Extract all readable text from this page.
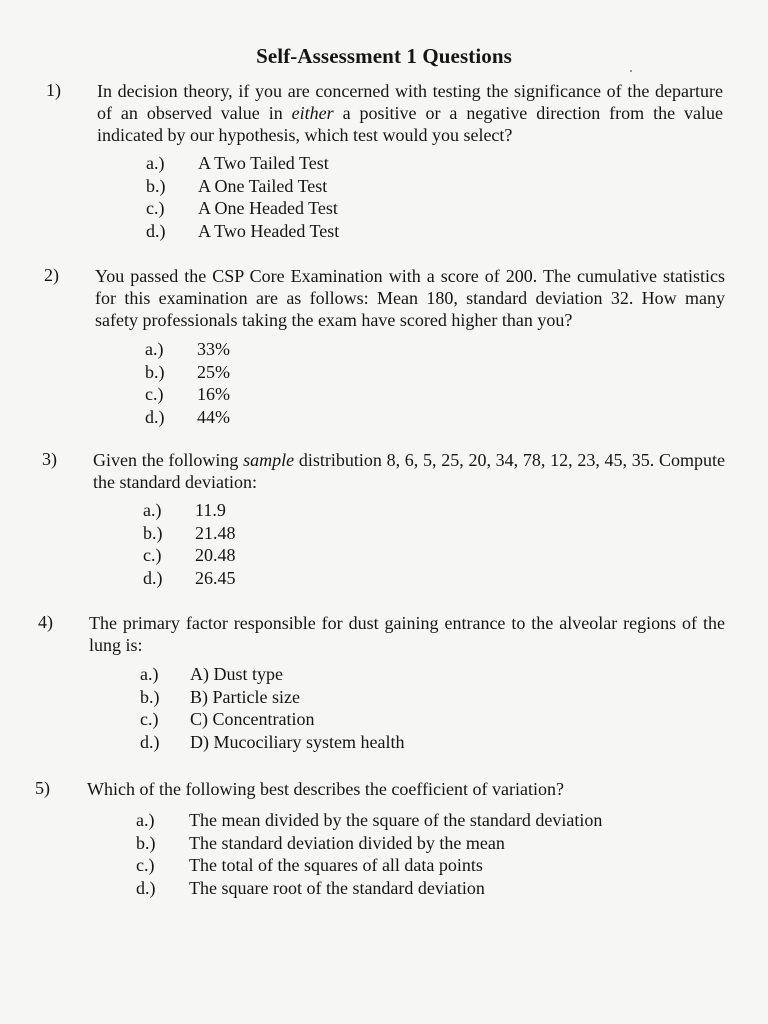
Self-Assessment 1 Questions
1) In decision theory, if you are concerned with testing the significance of the departure of an observed value in either a positive or a negative direction from the value indicated by our hypothesis, which test would you select?
a.) A Two Tailed Test
b.) A One Tailed Test
c.) A One Headed Test
d.) A Two Headed Test
2) You passed the CSP Core Examination with a score of 200. The cumulative statistics for this examination are as follows: Mean 180, standard deviation 32. How many safety professionals taking the exam have scored higher than you?
a.) 33%
b.) 25%
c.) 16%
d.) 44%
3) Given the following sample distribution 8, 6, 5, 25, 20, 34, 78, 12, 23, 45, 35. Compute the standard deviation:
a.) 11.9
b.) 21.48
c.) 20.48
d.) 26.45
4) The primary factor responsible for dust gaining entrance to the alveolar regions of the lung is:
a.) A) Dust type
b.) B) Particle size
c.) C) Concentration
d.) D) Mucociliary system health
5) Which of the following best describes the coefficient of variation?
a.) The mean divided by the square of the standard deviation
b.) The standard deviation divided by the mean
c.) The total of the squares of all data points
d.) The square root of the standard deviation
